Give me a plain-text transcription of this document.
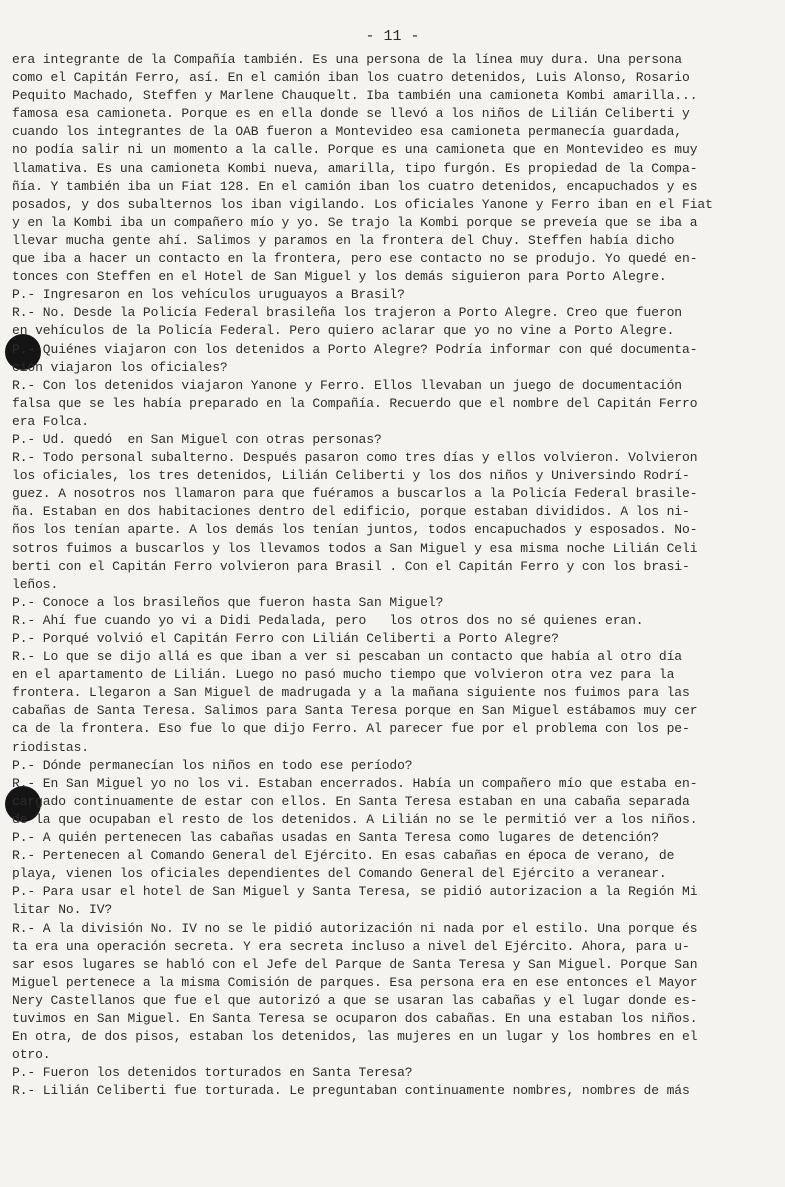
- 11 -
era integrante de la Compañía también. Es una persona de la línea muy dura. Una persona
como el Capitán Ferro, así. En el camión iban los cuatro detenidos, Luis Alonso, Rosario
Pequito Machado, Steffen y Marlene Chauquelt. Iba también una camioneta Kombi amarilla...
famosa esa camioneta. Porque es en ella donde se llevó a los niños de Lilián Celiberti y
cuando los integrantes de la OAB fueron a Montevideo esa camioneta permanecía guardada,
no podía salir ni un momento a la calle. Porque es una camioneta que en Montevideo es muy
llamativa. Es una camioneta Kombi nueva, amarilla, tipo furgón. Es propiedad de la Compa-
ñía. Y también iba un Fiat 128. En el camión iban los cuatro detenidos, encapuchados y es
posados, y dos subalternos los iban vigilando. Los oficiales Yanone y Ferro iban en el Fiat
y en la Kombi iba un compañero mío y yo. Se trajo la Kombi porque se preveía que se iba a
llevar mucha gente ahí. Salimos y paramos en la frontera del Chuy. Steffen había dicho
que iba a hacer un contacto en la frontera, pero ese contacto no se produjo. Yo quedé en-
tonces con Steffen en el Hotel de San Miguel y los demás siguieron para Porto Alegre.
P.- Ingresaron en los vehículos uruguayos a Brasil?
R.- No. Desde la Policía Federal brasileña los trajeron a Porto Alegre. Creo que fueron
en vehículos de la Policía Federal. Pero quiero aclarar que yo no vine a Porto Alegre.
P.- Quiénes viajaron con los detenidos a Porto Alegre? Podría informar con qué documenta-
ción viajaron los oficiales?
R.- Con los detenidos viajaron Yanone y Ferro. Ellos llevaban un juego de documentación
falsa que se les había preparado en la Compañía. Recuerdo que el nombre del Capitán Ferro
era Folca.
P.- Ud. quedó  en San Miguel con otras personas?
R.- Todo personal subalterno. Después pasaron como tres días y ellos volvieron. Volvieron
los oficiales, los tres detenidos, Lilián Celiberti y los dos niños y Universindo Rodrí-
guez. A nosotros nos llamaron para que fuéramos a buscarlos a la Policía Federal brasile-
ña. Estaban en dos habitaciones dentro del edificio, porque estaban divididos. A los ni-
ños los tenían aparte. A los demás los tenían juntos, todos encapuchados y esposados. No-
sotros fuimos a buscarlos y los llevamos todos a San Miguel y esa misma noche Lilián Celi
berti con el Capitán Ferro volvieron para Brasil . Con el Capitán Ferro y con los brasi-
leños.
P.- Conoce a los brasileños que fueron hasta San Miguel?
R.- Ahí fue cuando yo vi a Didi Pedalada, pero   los otros dos no sé quienes eran.
P.- Porqué volvió el Capitán Ferro con Lilián Celiberti a Porto Alegre?
R.- Lo que se dijo allá es que iban a ver si pescaban un contacto que había al otro día
en el apartamento de Lilián. Luego no pasó mucho tiempo que volvieron otra vez para la
frontera. Llegaron a San Miguel de madrugada y a la mañana siguiente nos fuimos para las
cabañas de Santa Teresa. Salimos para Santa Teresa porque en San Miguel estábamos muy cer
ca de la frontera. Eso fue lo que dijo Ferro. Al parecer fue por el problema con los pe-
riodistas.
P.- Dónde permanecían los niños en todo ese período?
R.- En San Miguel yo no los vi. Estaban encerrados. Había un compañero mío que estaba en-
cargado continuamente de estar con ellos. En Santa Teresa estaban en una cabaña separada
de la que ocupaban el resto de los detenidos. A Lilián no se le permitió ver a los niños.
P.- A quién pertenecen las cabañas usadas en Santa Teresa como lugares de detención?
R.- Pertenecen al Comando General del Ejército. En esas cabañas en época de verano, de
playa, vienen los oficiales dependientes del Comando General del Ejército a veranear.
P.- Para usar el hotel de San Miguel y Santa Teresa, se pidió autorizacion a la Región Mi
litar No. IV?
R.- A la división No. IV no se le pidió autorización ni nada por el estilo. Una porque és
ta era una operación secreta. Y era secreta incluso a nivel del Ejército. Ahora, para u-
sar esos lugares se habló con el Jefe del Parque de Santa Teresa y San Miguel. Porque San
Miguel pertenece a la misma Comisión de parques. Esa persona era en ese entonces el Mayor
Nery Castellanos que fue el que autorizó a que se usaran las cabañas y el lugar donde es-
tuvimos en San Miguel. En Santa Teresa se ocuparon dos cabañas. En una estaban los niños.
En otra, de dos pisos, estaban los detenidos, las mujeres en un lugar y los hombres en el
otro.
P.- Fueron los detenidos torturados en Santa Teresa?
R.- Lilián Celiberti fue torturada. Le preguntaban continuamente nombres, nombres de más
